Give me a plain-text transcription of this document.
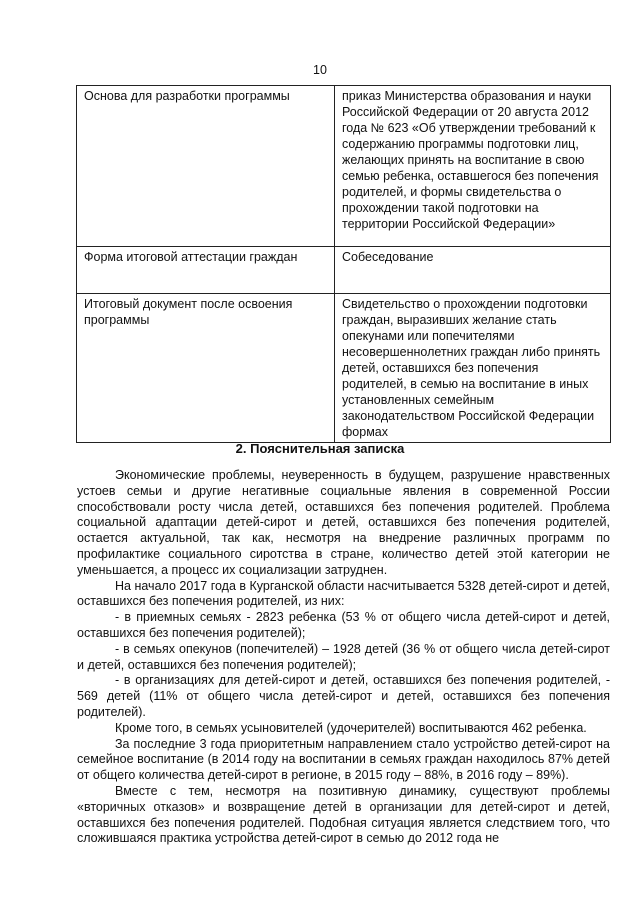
10
Основа для разработки программы	приказ Министерства образования и науки Российской Федерации от 20 августа 2012 года № 623 «Об утверждении требований к содержанию программы подготовки лиц, желающих принять на воспитание в свою семью ребенка, оставшегося без попечения родителей, и формы свидетельства о прохождении такой подготовки на территории Российской Федерации»
Форма итоговой аттестации граждан	Собеседование
Итоговый документ после освоения программы	Свидетельство о прохождении подготовки граждан, выразивших желание стать опекунами или попечителями несовершеннолетних граждан либо принять детей, оставшихся без попечения родителей, в семью на воспитание в иных установленных семейным законодательством Российской Федерации формах
2. Пояснительная записка

Экономические проблемы, неуверенность в будущем, разрушение нравственных устоев семьи и другие негативные социальные явления в современной России способствовали росту числа детей, оставшихся без попечения родителей. Проблема социальной адаптации детей-сирот и детей, оставшихся без попечения родителей, остается актуальной, так как, несмотря на внедрение различных программ по профилактике социального сиротства в стране, количество детей этой категории не уменьшается, а процесс их социализации затруднен.

На начало 2017 года в Курганской области насчитывается 5328 детей-сирот и детей, оставшихся без попечения родителей, из них:

- в приемных семьях - 2823 ребенка (53 % от общего числа детей-сирот и детей, оставшихся без попечения родителей);

- в семьях опекунов (попечителей) – 1928 детей (36 % от общего числа детей-сирот и детей, оставшихся без попечения родителей);

- в организациях для детей-сирот и детей, оставшихся без попечения родителей, - 569 детей (11% от общего числа детей-сирот и детей, оставшихся без попечения родителей).

Кроме того, в семьях усыновителей (удочерителей) воспитываются 462 ребенка.

За последние 3 года приоритетным направлением стало устройство детей-сирот на семейное воспитание (в 2014 году на воспитании в семьях граждан находилось 87% детей от общего количества детей-сирот в регионе, в 2015 году – 88%, в 2016 году – 89%).

Вместе с тем, несмотря на позитивную динамику, существуют проблемы «вторичных отказов» и возвращение детей в организации для детей-сирот и детей, оставшихся без попечения родителей. Подобная ситуация является следствием того, что сложившаяся практика устройства детей-сирот в семью до 2012 года не
